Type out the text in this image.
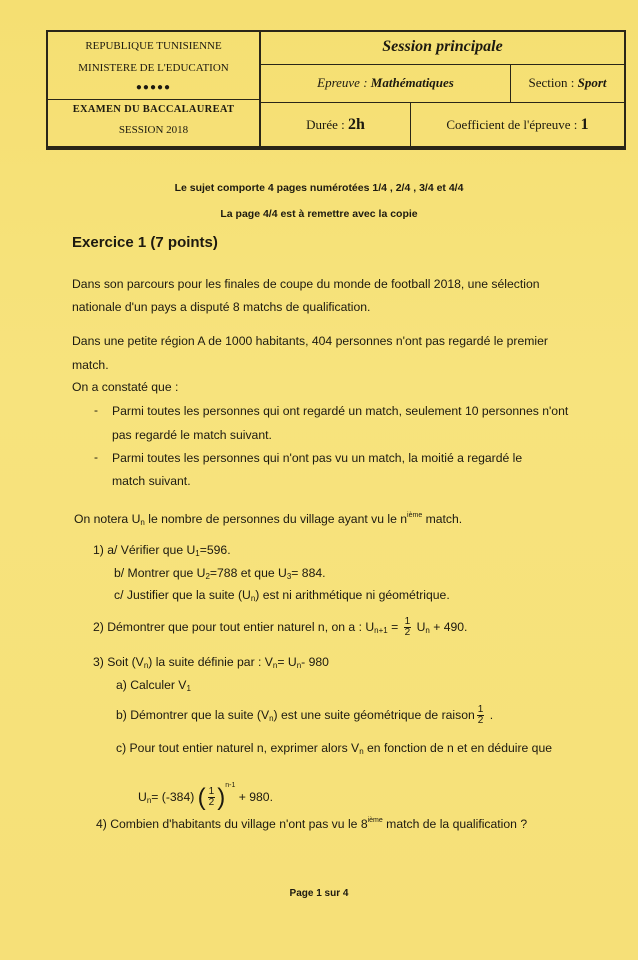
REPUBLIQUE TUNISIENNE
MINISTERE DE L'EDUCATION
●●●●●
EXAMEN DU BACCALAUREAT
SESSION 2018
Session principale
Epreuve : Mathématiques	Section : Sport
Durée : 2h	Coefficient de l'épreuve : 1
Le sujet comporte 4 pages numérotées 1/4 , 2/4 , 3/4 et 4/4
La page 4/4 est à remettre avec la copie
Exercice 1 (7 points)
Dans son parcours pour les finales de coupe du monde de football 2018, une sélection
nationale d'un pays a disputé 8 matchs de qualification.
Dans une petite région A de 1000 habitants, 404 personnes n'ont pas regardé le premier
match.
On a constaté que :
- Parmi toutes les personnes qui ont regardé un match, seulement 10 personnes n'ont
pas regardé le match suivant.
- Parmi toutes les personnes qui n'ont pas vu un match, la moitié a regardé le
match suivant.
On notera $U_n$ le nombre de personnes du village ayant vu le $n^{ième}$ match.
1) a/ Vérifier que $U_1=596$.
b/ Montrer que $U_2=788$ et que $U_3= 884$.
c/ Justifier que la suite $(U_n)$ est ni arithmétique ni géométrique.
2) Démontrer que pour tout entier naturel n, on a : $U_{n+1} = \frac{1}{2} U_n + 490$.
3) Soit $(V_n)$ la suite définie par : $V_n= U_n-$ 980
a) Calculer $V_1$
b) Démontrer que la suite $(V_n)$ est une suite géométrique de raison $\frac{1}{2}$ .
c) Pour tout entier naturel n, exprimer alors $V_n$ en fonction de n et en déduire que
$U_n= (-384)$ ( $\frac{1}{2} )^{n-1} + 980$.
4) Combien d'habitants du village n'ont pas vu le 8ième match de la qualification ?
Page 1 sur 4
